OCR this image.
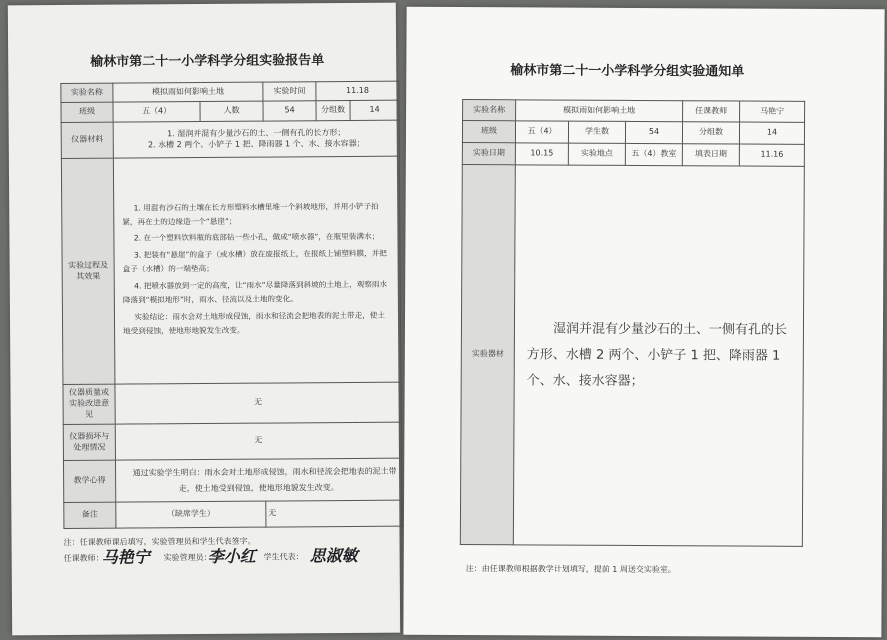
榆林市第二十一小学科学分组实验报告单
实验名称	模拟雨如何影响土地		实验时间	11.18	
班级	五（4）	人数	54	分组数	14
仪器材料	1. 湿润并混有少量沙石的土、一侧有孔的长方形；
2. 水槽 2 两个、小铲子 1 把、降雨器 1 个、水、接水容器；				

实验过程及其效果	1. 用混有沙石的土壤在长方形塑料水槽里堆一个斜坡地形，并用小铲子拍紧，再在土的边缘造一个“悬崖”；

2. 在一个塑料饮料瓶的底部钻一些小孔，做成“喷水器”，在瓶里装满水；

3. 把装有“悬崖”的盒子（或水槽）放在废报纸上，在报纸上铺塑料膜，并把盒子（水槽）的一端垫高；

4. 把喷水器放到一定的高度，让“雨水”尽量降落到斜坡的土地上，观察雨水降落到“模拟地形”时，雨水、径流以及土地的变化。

实验结论：雨水会对土地形成侵蚀，雨水和径流会把地表的泥土带走，使土地受到侵蚀，使地形地貌发生改变。				

仪器质量或实验改进意见	无				
仪器损坏与处理情况	无				
教学心得	通过实验学生明白：雨水会对土地形成侵蚀，雨水和径流会把地表的泥土带走，使土地受到侵蚀，使地形地貌发生改变。				
备注	（缺席学生）		无		
注：任课教师课后填写，实验管理员和学生代表签字。
任课教师：
马艳宁 实验管理员：
李小红 学生代表： 思淑敏
榆林市第二十一小学科学分组实验通知单
实验名称	模拟雨如何影响土地			任课教师	马艳宁
班级	五（4）	学生数	54	分组数	14
实验日期	10.15	实验地点	五（4）教室	填表日期	11.16
实验器材	湿润并混有少量沙石的土、一侧有孔的长方形、水槽 2 两个、小铲子 1 把、降雨器 1 个、水、接水容器；				
注：由任课教师根据教学计划填写，提前 1 周送交实验室。
